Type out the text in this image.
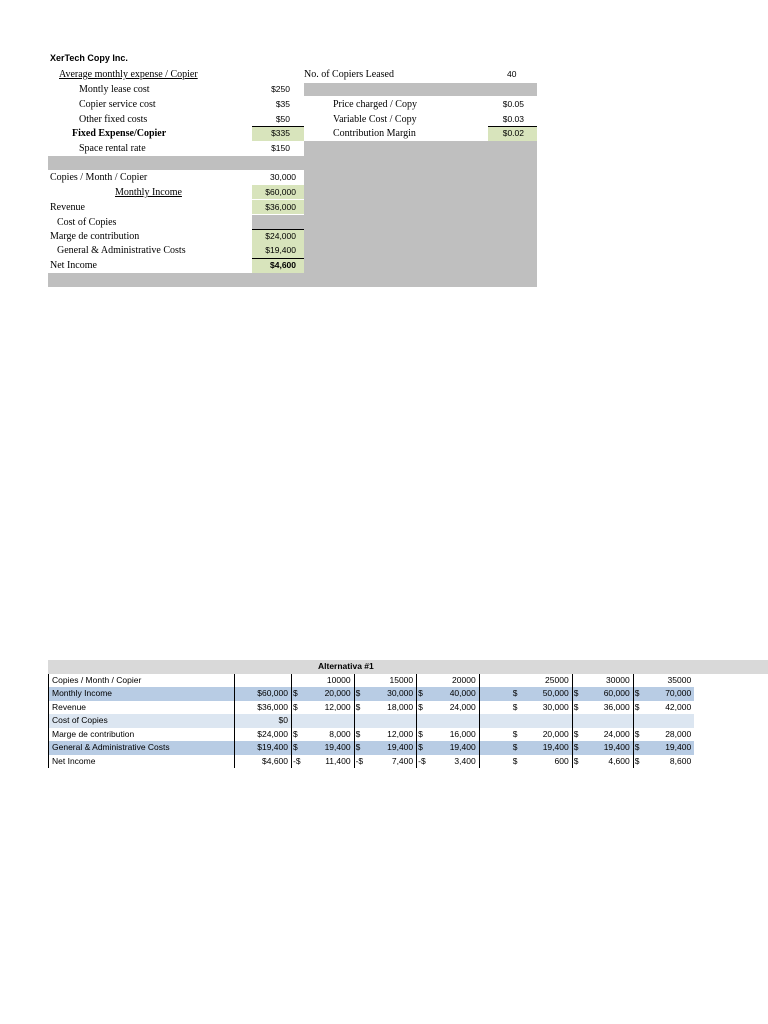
XerTech Copy Inc.
Average monthly expense / Copier
Montly lease cost	$250
Copier service cost	$35
Other fixed costs	$50
Fixed Expense/Copier	$335
Space rental rate	$150
No. of Copiers Leased	40
Price charged / Copy	$0.05
Variable Cost / Copy	$0.03
Contribution Margin	$0.02
Copies / Month / Copier	30,000
Monthly Income	$60,000
Revenue	$36,000
Cost of Copies
Marge de contribution	$24,000
General & Administrative Costs	$19,400
Net Income	$4,600
Alternativa #1
Copies / Month / Copier			10000		15000		20000			25000		30000		35000
Monthly Income	$60,000	$	20,000	$	30,000	$	40,000		$	50,000	$	60,000	$	70,000
Revenue	$36,000	$	12,000	$	18,000	$	24,000		$	30,000	$	36,000	$	42,000
Cost of Copies	$0													
Marge de contribution	$24,000	$	8,000	$	12,000	$	16,000		$	20,000	$	24,000	$	28,000
General & Administrative Costs	$19,400	$	19,400	$	19,400	$	19,400		$	19,400	$	19,400	$	19,400
Net Income	$4,600	-$	11,400	-$	7,400	-$	3,400		$	600	$	4,600	$	8,600
